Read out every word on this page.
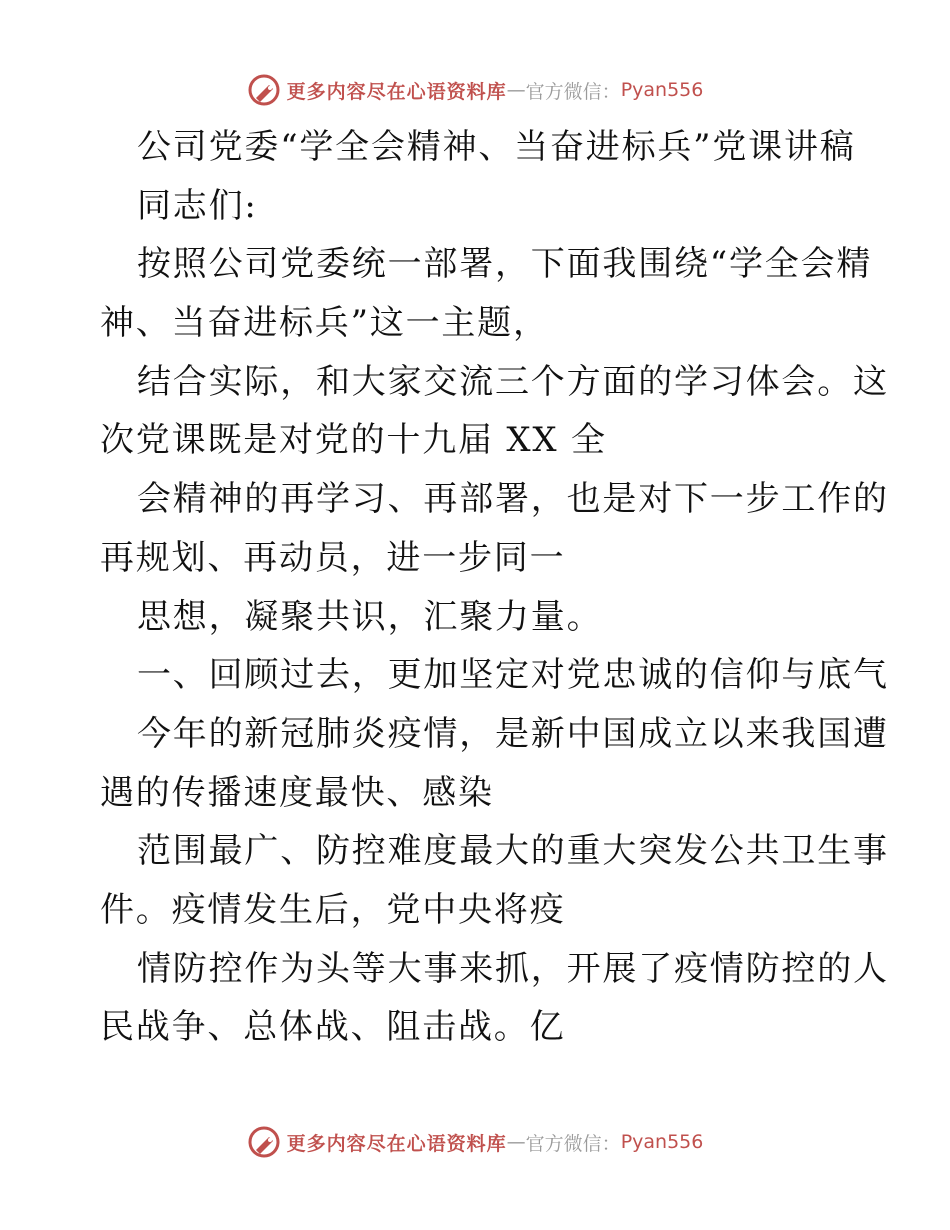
更多内容尽在心语资料库 — 官方微信： Pyan556
公司党委“学全会精神、当奋进标兵”党课讲稿
同志们:
按照公司党委统一部署，下面我围绕“学全会精
神、当奋进标兵”这一主题，
结合实际，和大家交流三个方面的学习体会。这
次党课既是对党的十九届 XX 全
会精神的再学习、再部署，也是对下一步工作的
再规划、再动员，进一步同一
思想，凝聚共识，汇聚力量。
一、回顾过去，更加坚定对党忠诚的信仰与底气
今年的新冠肺炎疫情，是新中国成立以来我国遭
遇的传播速度最快、感染
范围最广、防控难度最大的重大突发公共卫生事
件。疫情发生后，党中央将疫
情防控作为头等大事来抓，开展了疫情防控的人
民战争、总体战、阻击战。亿
更多内容尽在心语资料库 — 官方微信： Pyan556
